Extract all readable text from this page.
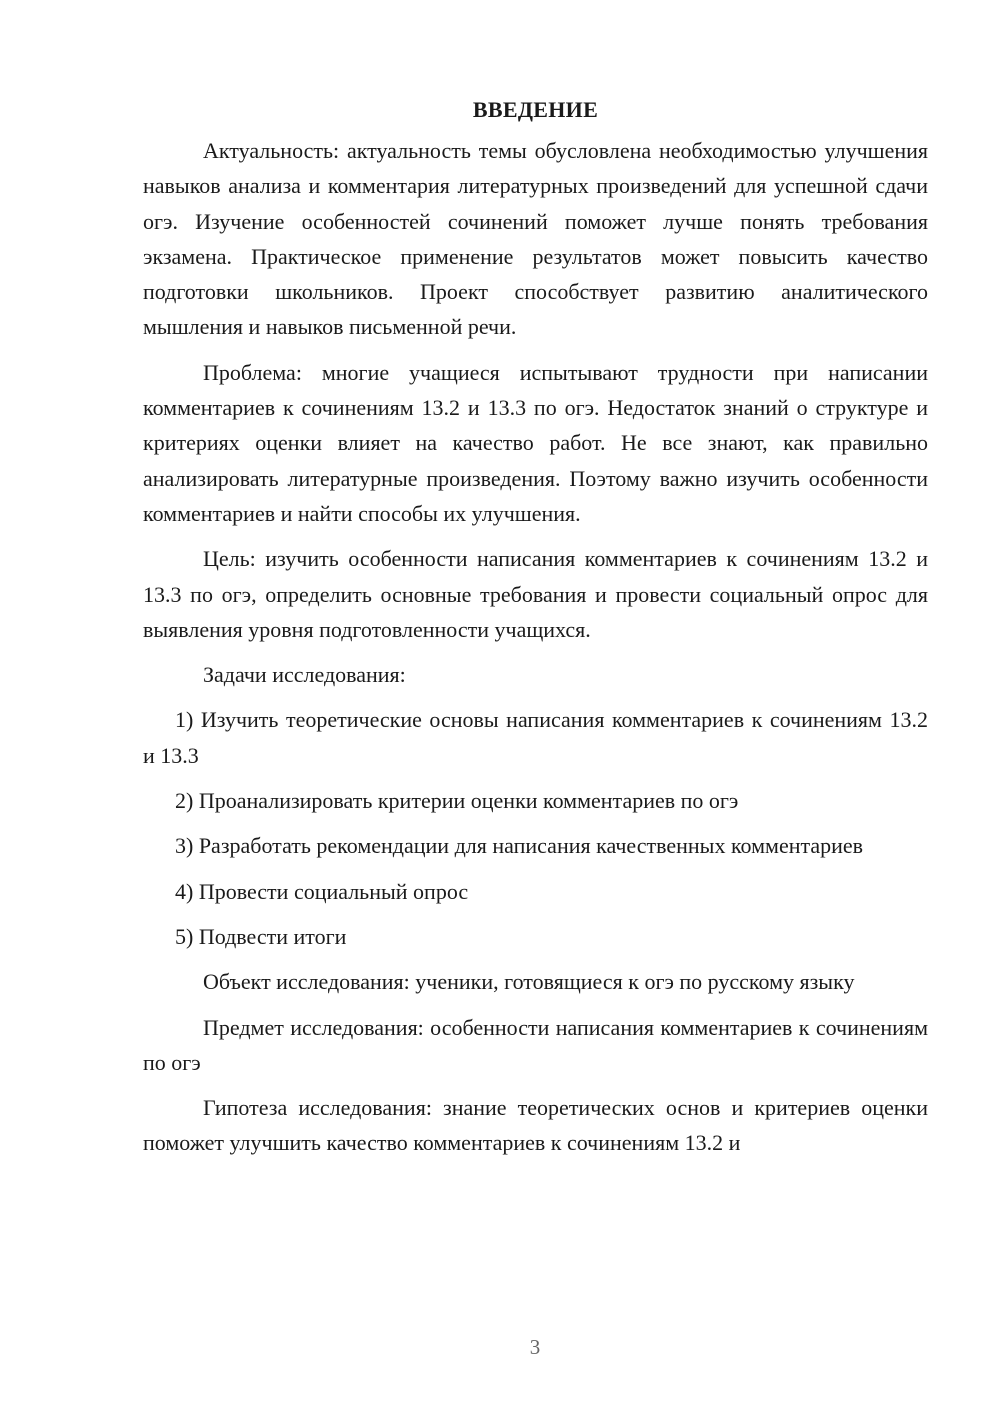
ВВЕДЕНИЕ

Актуальность: актуальность темы обусловлена необходимостью улучшения навыков анализа и комментария литературных произведений для успешной сдачи огэ. Изучение особенностей сочинений поможет лучше понять требования экзамена. Практическое применение результатов может повысить качество подготовки школьников. Проект способствует развитию аналитического мышления и навыков письменной речи.

Проблема: многие учащиеся испытывают трудности при написании комментариев к сочинениям 13.2 и 13.3 по огэ. Недостаток знаний о структуре и критериях оценки влияет на качество работ. Не все знают, как правильно анализировать литературные произведения. Поэтому важно изучить особенности комментариев и найти способы их улучшения.

Цель: изучить особенности написания комментариев к сочинениям 13.2 и 13.3 по огэ, определить основные требования и провести социальный опрос для выявления уровня подготовленности учащихся.

Задачи исследования:

1) Изучить теоретические основы написания комментариев к сочинениям 13.2 и 13.3

2) Проанализировать критерии оценки комментариев по огэ

3) Разработать рекомендации для написания качественных комментариев

4) Провести социальный опрос

5) Подвести итоги

Объект исследования: ученики, готовящиеся к огэ по русскому языку

Предмет исследования: особенности написания комментариев к сочинениям по огэ

Гипотеза исследования: знание теоретических основ и критериев оценки поможет улучшить качество комментариев к сочинениям 13.2 и

3
